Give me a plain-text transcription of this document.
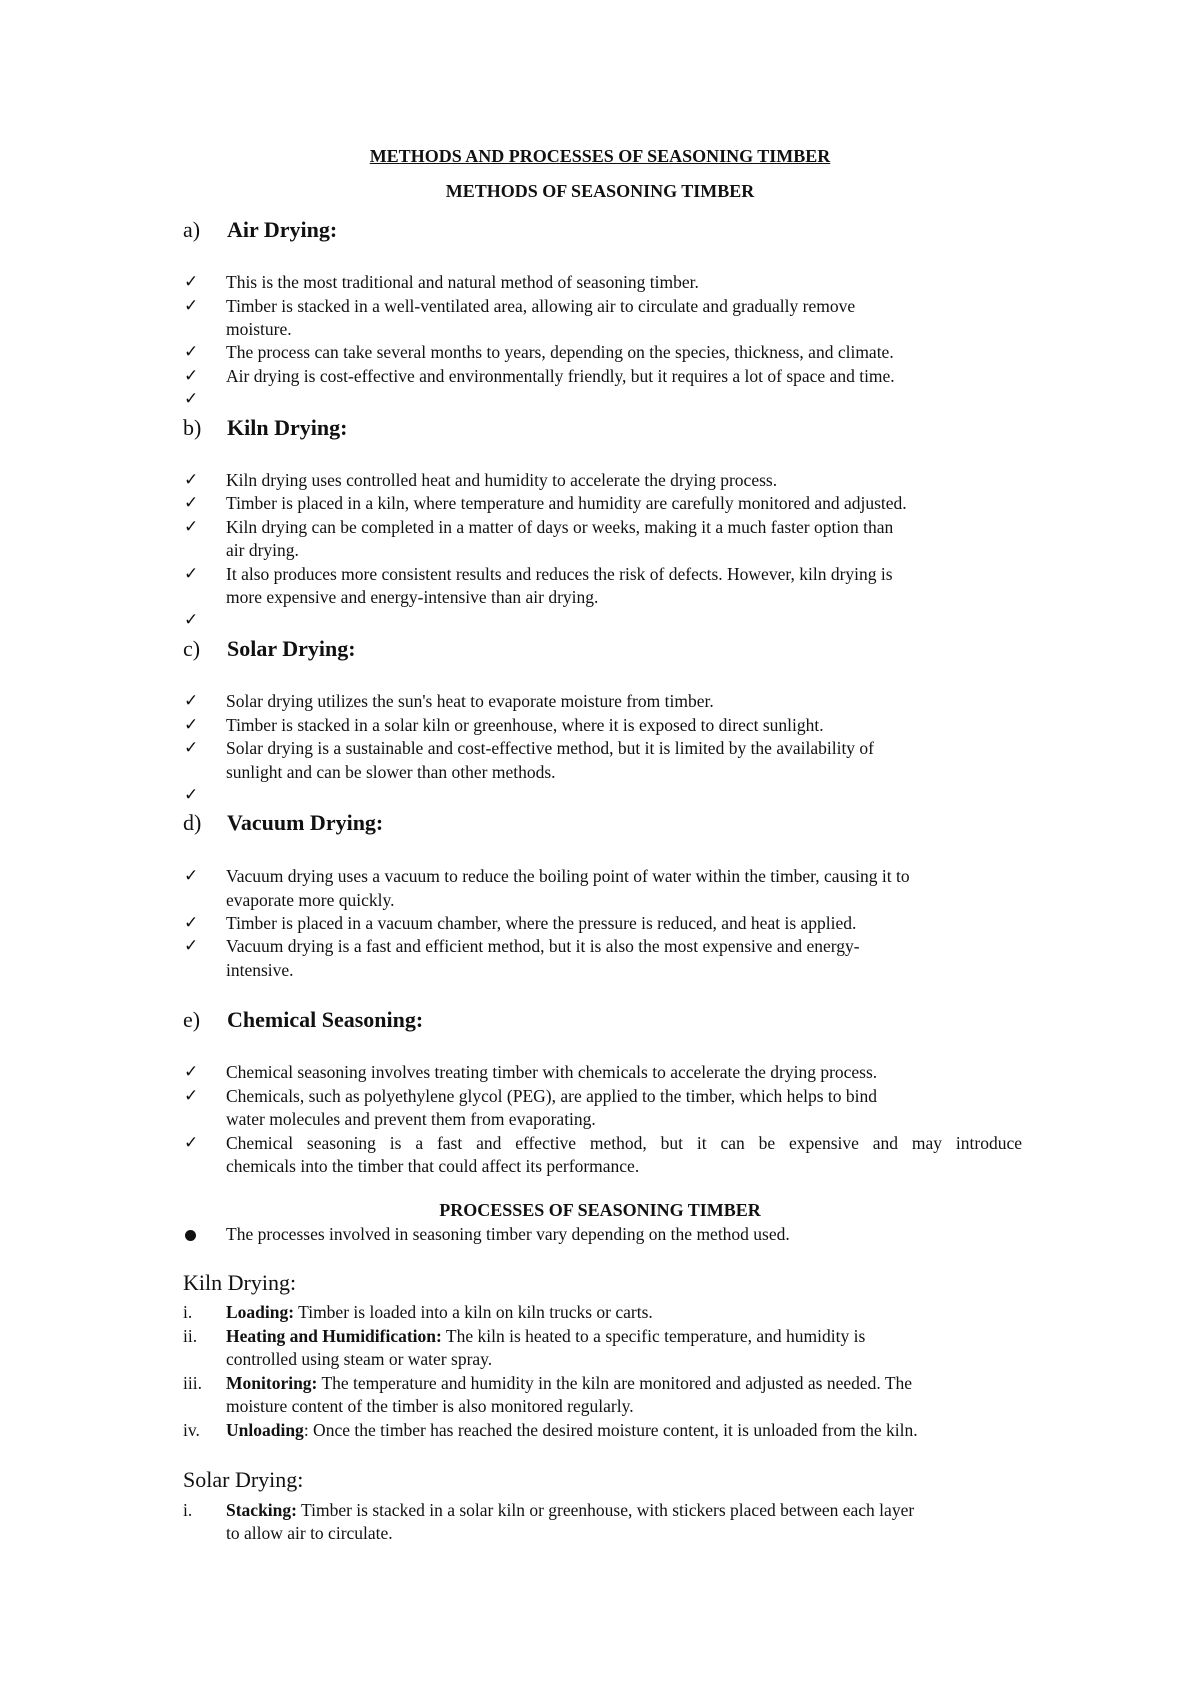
METHODS AND PROCESSES OF SEASONING TIMBER
METHODS OF SEASONING TIMBER
a) Air Drying:
✓	This is the most traditional and natural method of seasoning timber.
✓	Timber is stacked in a well-ventilated area, allowing air to circulate and gradually remove
moisture.
✓	The process can take several months to years, depending on the species, thickness, and climate.
✓	Air drying is cost-effective and environmentally friendly, but it requires a lot of space and time.
✓
b) Kiln Drying:
✓	Kiln drying uses controlled heat and humidity to accelerate the drying process.
✓	Timber is placed in a kiln, where temperature and humidity are carefully monitored and adjusted.
✓	Kiln drying can be completed in a matter of days or weeks, making it a much faster option than
air drying.
✓	It also produces more consistent results and reduces the risk of defects. However, kiln drying is
more expensive and energy-intensive than air drying.
✓
c) Solar Drying:
✓	Solar drying utilizes the sun's heat to evaporate moisture from timber.
✓	Timber is stacked in a solar kiln or greenhouse, where it is exposed to direct sunlight.
✓	Solar drying is a sustainable and cost-effective method, but it is limited by the availability of
sunlight and can be slower than other methods.
✓
d) Vacuum Drying:
✓	Vacuum drying uses a vacuum to reduce the boiling point of water within the timber, causing it to
evaporate more quickly.
✓	Timber is placed in a vacuum chamber, where the pressure is reduced, and heat is applied.
✓	Vacuum drying is a fast and efficient method, but it is also the most expensive and energy-
intensive.
e) Chemical Seasoning:
✓	Chemical seasoning involves treating timber with chemicals to accelerate the drying process.
✓	Chemicals, such as polyethylene glycol (PEG), are applied to the timber, which helps to bind
water molecules and prevent them from evaporating.
✓	Chemical seasoning is a fast and effective method, but it can be expensive and may introduce
chemicals into the timber that could affect its performance.
PROCESSES OF SEASONING TIMBER
The processes involved in seasoning timber vary depending on the method used.
Kiln Drying:
i. Loading: Timber is loaded into a kiln on kiln trucks or carts.
ii. Heating and Humidification: The kiln is heated to a specific temperature, and humidity is
controlled using steam or water spray.
iii. Monitoring: The temperature and humidity in the kiln are monitored and adjusted as needed. The
moisture content of the timber is also monitored regularly.
iv. Unloading: Once the timber has reached the desired moisture content, it is unloaded from the kiln.
Solar Drying:
i. Stacking: Timber is stacked in a solar kiln or greenhouse, with stickers placed between each layer
to allow air to circulate.
